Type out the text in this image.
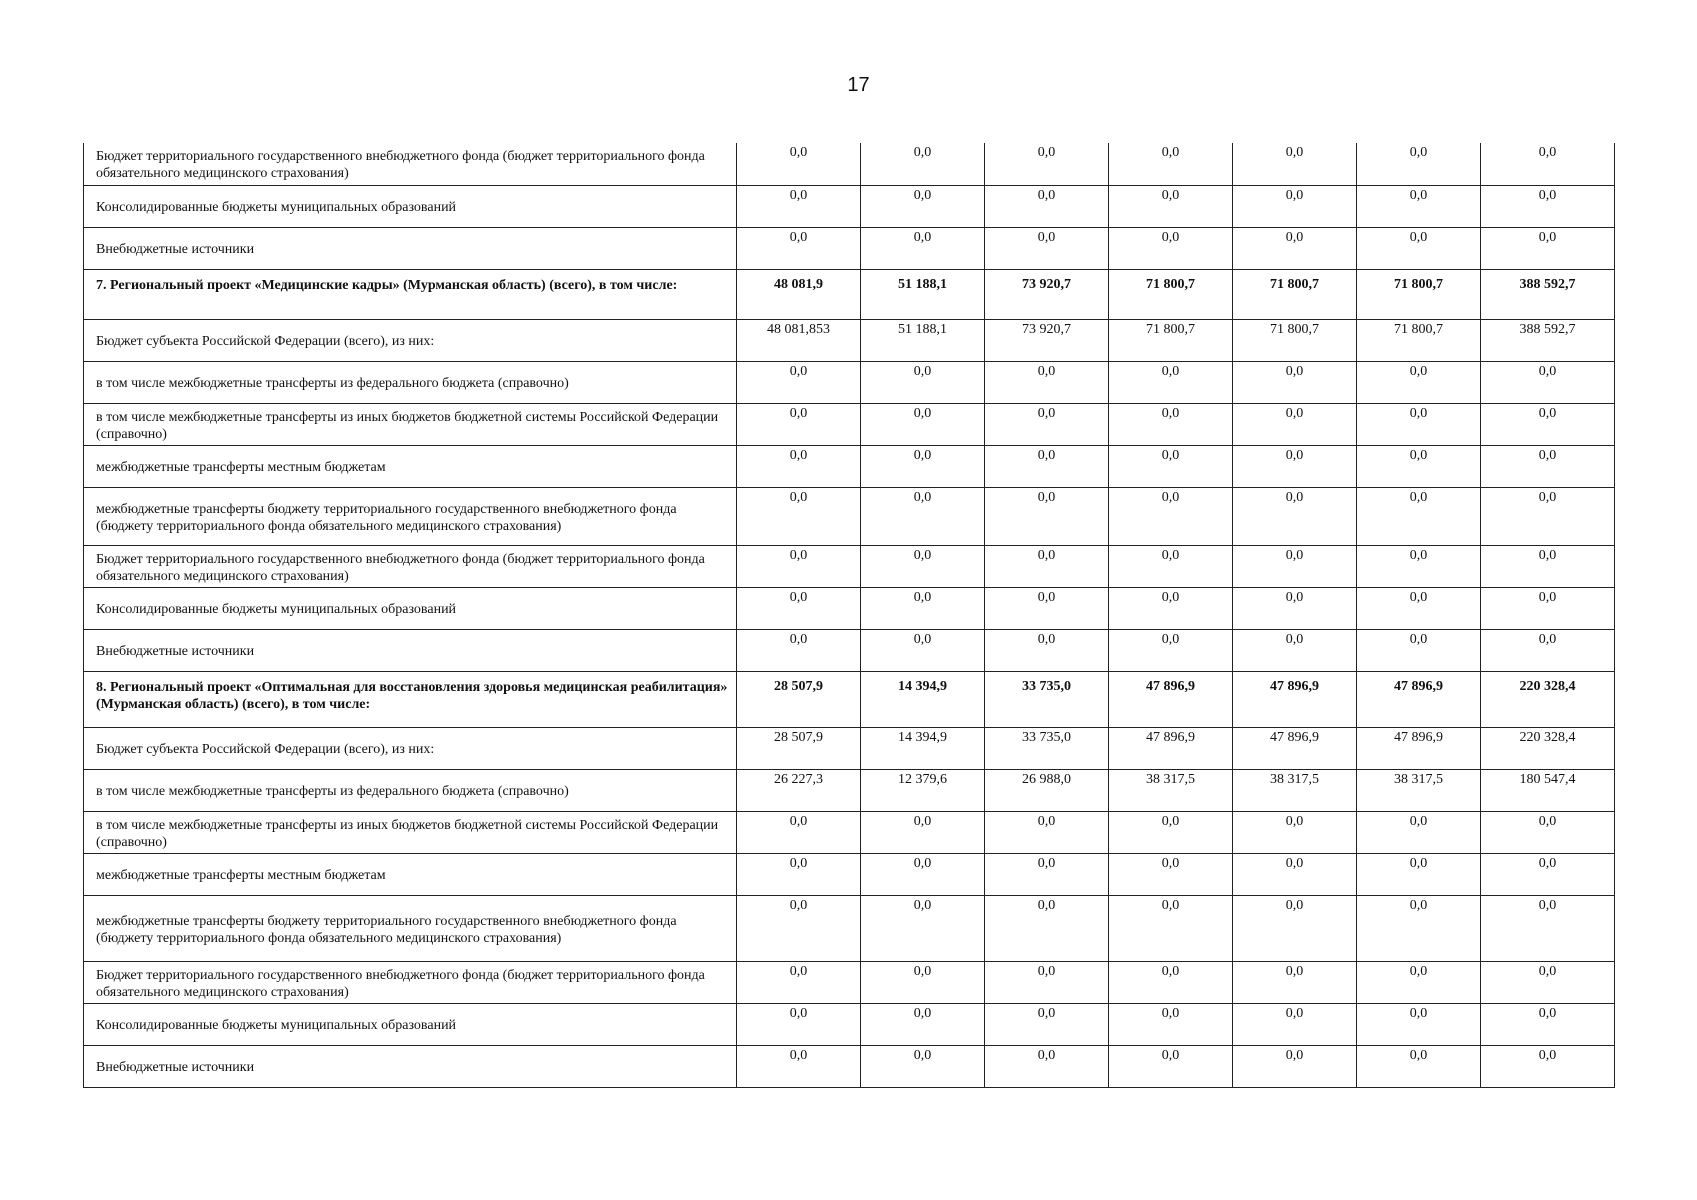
17
Бюджет территориального государственного внебюджетного фонда (бюджет территориального фонда обязательного медицинского страхования)	0,0	0,0	0,0	0,0	0,0	0,0	0,0
Консолидированные бюджеты муниципальных образований	0,0	0,0	0,0	0,0	0,0	0,0	0,0
Внебюджетные источники	0,0	0,0	0,0	0,0	0,0	0,0	0,0
7. Региональный проект «Медицинские кадры» (Мурманская область) (всего), в том числе:	48 081,9	51 188,1	73 920,7	71 800,7	71 800,7	71 800,7	388 592,7
Бюджет субъекта Российской Федерации (всего), из них:	48 081,853	51 188,1	73 920,7	71 800,7	71 800,7	71 800,7	388 592,7
в том числе межбюджетные трансферты из федерального бюджета (справочно)	0,0	0,0	0,0	0,0	0,0	0,0	0,0
в том числе межбюджетные трансферты из иных бюджетов бюджетной системы Российской Федерации (справочно)	0,0	0,0	0,0	0,0	0,0	0,0	0,0
межбюджетные трансферты местным бюджетам	0,0	0,0	0,0	0,0	0,0	0,0	0,0
межбюджетные трансферты бюджету территориального государственного внебюджетного фонда (бюджету территориального фонда обязательного медицинского страхования)	0,0	0,0	0,0	0,0	0,0	0,0	0,0
Бюджет территориального государственного внебюджетного фонда (бюджет территориального фонда обязательного медицинского страхования)	0,0	0,0	0,0	0,0	0,0	0,0	0,0
Консолидированные бюджеты муниципальных образований	0,0	0,0	0,0	0,0	0,0	0,0	0,0
Внебюджетные источники	0,0	0,0	0,0	0,0	0,0	0,0	0,0
8. Региональный проект «Оптимальная для восстановления здоровья медицинская реабилитация» (Мурманская область) (всего), в том числе:	28 507,9	14 394,9	33 735,0	47 896,9	47 896,9	47 896,9	220 328,4
Бюджет субъекта Российской Федерации (всего), из них:	28 507,9	14 394,9	33 735,0	47 896,9	47 896,9	47 896,9	220 328,4
в том числе межбюджетные трансферты из федерального бюджета (справочно)	26 227,3	12 379,6	26 988,0	38 317,5	38 317,5	38 317,5	180 547,4
в том числе межбюджетные трансферты из иных бюджетов бюджетной системы Российской Федерации (справочно)	0,0	0,0	0,0	0,0	0,0	0,0	0,0
межбюджетные трансферты местным бюджетам	0,0	0,0	0,0	0,0	0,0	0,0	0,0
межбюджетные трансферты бюджету территориального государственного внебюджетного фонда (бюджету территориального фонда обязательного медицинского страхования)	0,0	0,0	0,0	0,0	0,0	0,0	0,0
Бюджет территориального государственного внебюджетного фонда (бюджет территориального фонда обязательного медицинского страхования)	0,0	0,0	0,0	0,0	0,0	0,0	0,0
Консолидированные бюджеты муниципальных образований	0,0	0,0	0,0	0,0	0,0	0,0	0,0
Внебюджетные источники	0,0	0,0	0,0	0,0	0,0	0,0	0,0
